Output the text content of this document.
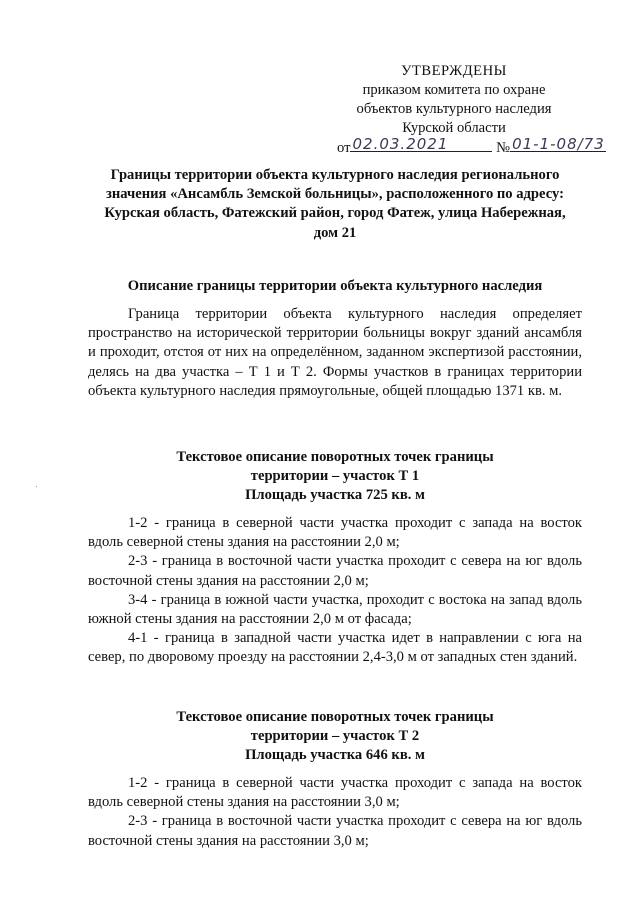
УТВЕРЖДЕНЫ
приказом комитета по охране
объектов культурного наследия
Курской области
от 02.03.2021	№ 01-1-08/73
Границы территории объекта культурного наследия регионального
значения «Ансамбль Земской больницы», расположенного по адресу:
Курская область, Фатежский район, город Фатеж, улица Набережная,
дом 21
Описание границы территории объекта культурного наследия

Граница территории объекта культурного наследия определяет пространство на исторической территории больницы вокруг зданий ансамбля и проходит, отстоя от них на определённом, заданном экспертизой расстоянии, делясь на два участка – Т 1 и Т 2. Формы участков в границах территории объекта культурного наследия прямоугольные, общей площадью 1371 кв. м.

Текстовое описание поворотных точек границы
территории – участок Т 1
Площадь участка 725 кв. м

1-2 - граница в северной части участка проходит с запада на восток вдоль северной стены здания на расстоянии 2,0 м;

2-3 - граница в восточной части участка проходит с севера на юг вдоль восточной стены здания на расстоянии 2,0 м;

3-4 - граница в южной части участка, проходит с востока на запад вдоль южной стены здания на расстоянии 2,0 м от фасада;

4-1 - граница в западной части участка идет в направлении с юга на север, по дворовому проезду на расстоянии 2,4-3,0 м от западных стен зданий.

Текстовое описание поворотных точек границы
территории – участок Т 2
Площадь участка 646 кв. м

1-2 - граница в северной части участка проходит с запада на восток вдоль северной стены здания на расстоянии 3,0 м;

2-3 - граница в восточной части участка проходит с севера на юг вдоль восточной стены здания на расстоянии 3,0 м;
